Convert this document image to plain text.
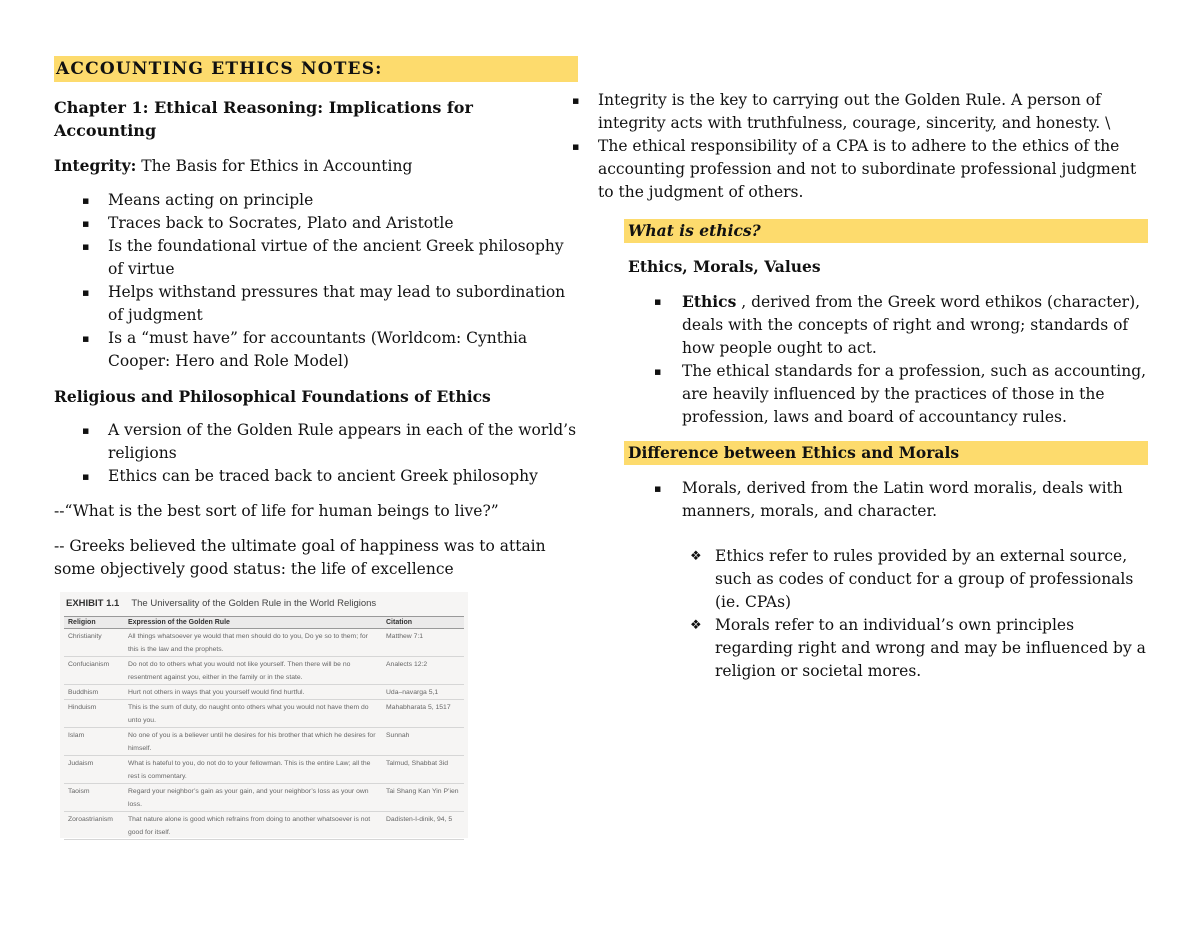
ACCOUNTING ETHICS NOTES:
Chapter 1: Ethical Reasoning: Implications for Accounting
Integrity: The Basis for Ethics in Accounting
▪ Means acting on principle
▪ Traces back to Socrates, Plato and Aristotle
▪ Is the foundational virtue of the ancient Greek philosophy of virtue
▪ Helps withstand pressures that may lead to subordination of judgment
▪ Is a “must have” for accountants (Worldcom: Cynthia Cooper: Hero and Role Model)
Religious and Philosophical Foundations of Ethics
▪ A version of the Golden Rule appears in each of the world’s religions
▪ Ethics can be traced back to ancient Greek philosophy
--“What is the best sort of life for human beings to live?”
-- Greeks believed the ultimate goal of happiness was to attain some objectively good status: the life of excellence
EXHIBIT 1.1 The Universality of the Golden Rule in the World Religions
Religion	Expression of the Golden Rule	Citation
Christianity	All things whatsoever ye would that men should do to you, Do ye so to them; for this is the law and the prophets.	Matthew 7:1
Confucianism	Do not do to others what you would not like yourself. Then there will be no resentment against you, either in the family or in the state.	Analects 12:2
Buddhism	Hurt not others in ways that you yourself would find hurtful.	Uda–navarga 5,1
Hinduism	This is the sum of duty, do naught onto others what you would not have them do unto you.	Mahabharata 5, 1517
Islam	No one of you is a believer until he desires for his brother that which he desires for himself.	Sunnah
Judaism	What is hateful to you, do not do to your fellowman. This is the entire Law; all the rest is commentary.	Talmud, Shabbat 3id
Taoism	Regard your neighbor’s gain as your gain, and your neighbor’s loss as your own loss.	Tai Shang Kan Yin P’ien
Zoroastrianism	That nature alone is good which refrains from doing to another whatsoever is not good for itself.	Dadisten-I-dinik, 94, 5
▪ Integrity is the key to carrying out the Golden Rule. A person of integrity acts with truthfulness, courage, sincerity, and honesty. \
▪ The ethical responsibility of a CPA is to adhere to the ethics of the accounting profession and not to subordinate professional judgment to the judgment of others.
What is ethics?
Ethics, Morals, Values
▪ Ethics , derived from the Greek word ethikos (character), deals with the concepts of right and wrong; standards of how people ought to act.
▪ The ethical standards for a profession, such as accounting, are heavily influenced by the practices of those in the profession, laws and board of accountancy rules.
Difference between Ethics and Morals
▪ Morals, derived from the Latin word moralis, deals with manners, morals, and character.
❖ Ethics refer to rules provided by an external source, such as codes of conduct for a group of professionals (ie. CPAs)
❖ Morals refer to an individual’s own principles regarding right and wrong and may be influenced by a religion or societal mores.
